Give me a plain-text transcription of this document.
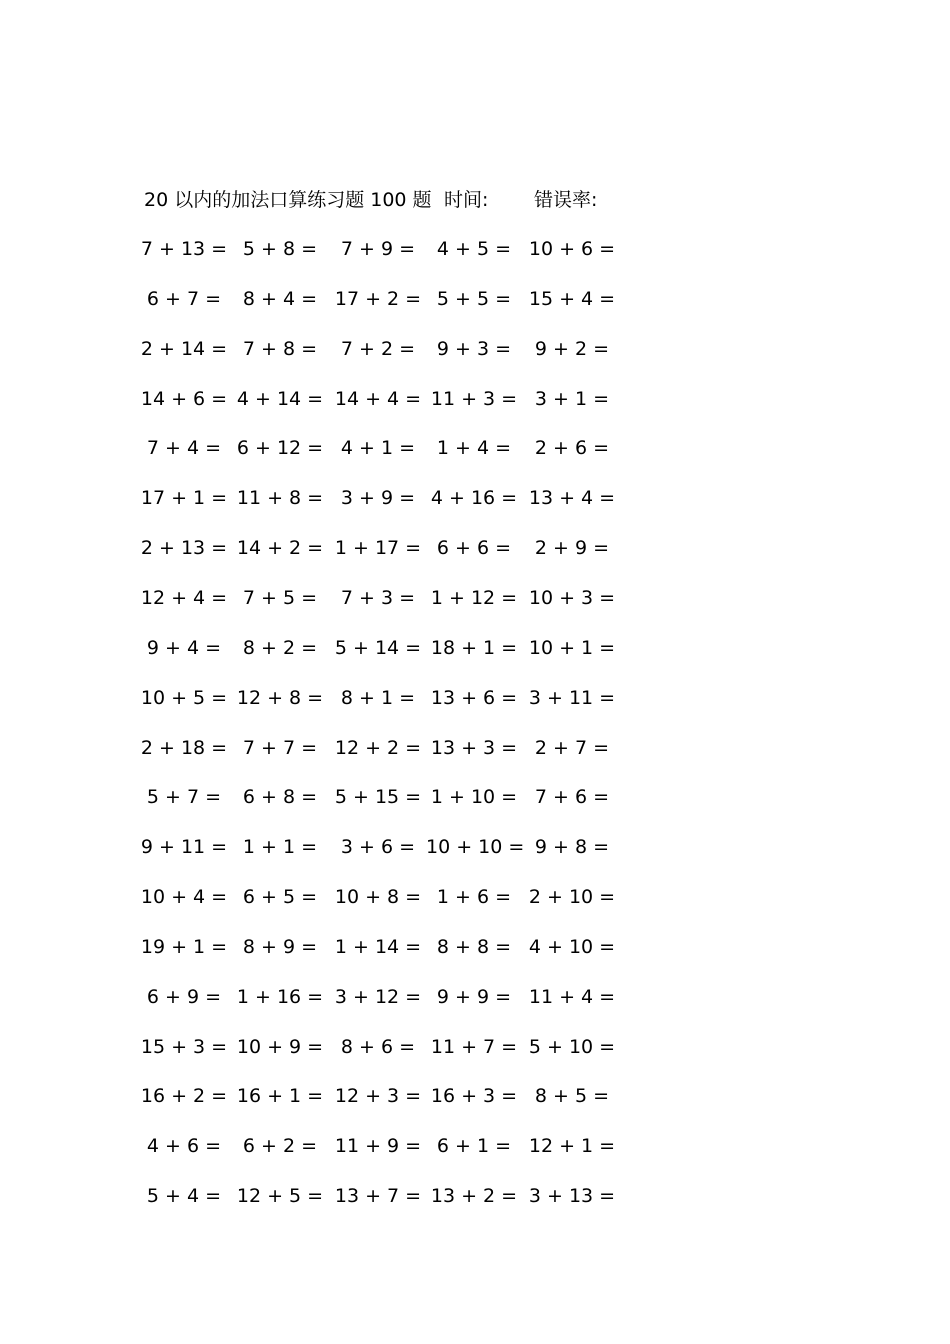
20 以内的加法口算练习题 100 题 时间: 错误率:
7 + 13 = 5 + 8 =	7 + 9 =	4 + 5 = 10 + 6 =
6 + 7 =	8 + 4 = 17 + 2 = 5 + 5 = 15 + 4 =
2 + 14 = 7 + 8 =	7 + 2 =	9 + 3 =	9 + 2 =
14 + 6 = 4 + 14 = 14 + 4 = 11 + 3 = 3 + 1 =
7 + 4 = 6 + 12 = 4 + 1 =	1 + 4 =	2 + 6 =
17 + 1 = 11 + 8 = 3 + 9 = 4 + 16 = 13 + 4 =
2 + 13 = 14 + 2 = 1 + 17 = 6 + 6 =	2 + 9 =
12 + 4 = 7 + 5 =	7 + 3 = 1 + 12 = 10 + 3 =
9 + 4 =	8 + 2 = 5 + 14 = 18 + 1 = 10 + 1 =
10 + 5 = 12 + 8 = 8 + 1 = 13 + 6 = 3 + 11 =
2 + 18 = 7 + 7 = 12 + 2 = 13 + 3 = 2 + 7 =
5 + 7 =	6 + 8 = 5 + 15 = 1 + 10 = 7 + 6 =
9 + 11 = 1 + 1 =	3 + 6 = 10 + 10 = 9 + 8 =
10 + 4 = 6 + 5 = 10 + 8 = 1 + 6 = 2 + 10 =
19 + 1 = 8 + 9 = 1 + 14 = 8 + 8 = 4 + 10 =
6 + 9 = 1 + 16 = 3 + 12 = 9 + 9 = 11 + 4 =
15 + 3 = 10 + 9 = 8 + 6 = 11 + 7 = 5 + 10 =
16 + 2 = 16 + 1 = 12 + 3 = 16 + 3 = 8 + 5 =
4 + 6 =	6 + 2 = 11 + 9 = 6 + 1 = 12 + 1 =
5 + 4 = 12 + 5 = 13 + 7 = 13 + 2 = 3 + 13 =
